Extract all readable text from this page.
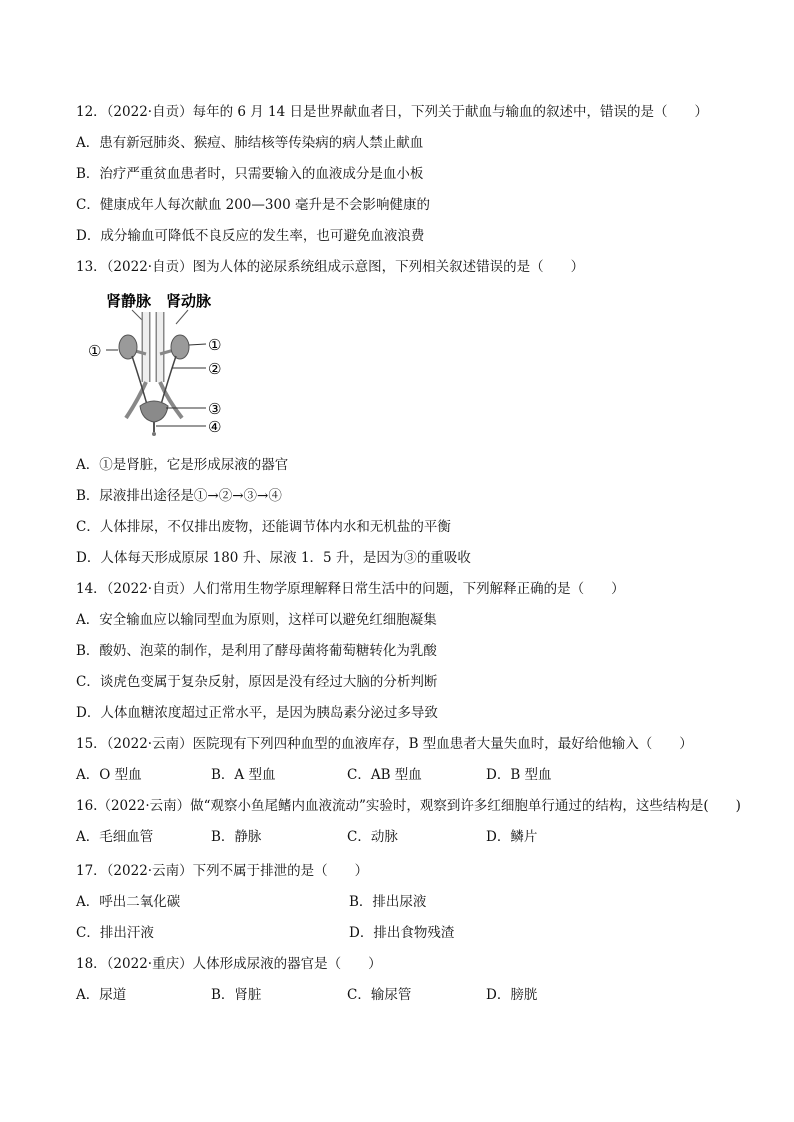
12．（2022·自贡）每年的 6 月 14 日是世界献血者日，下列关于献血与输血的叙述中，错误的是（　　）
A．患有新冠肺炎、猴痘、肺结核等传染病的病人禁止献血
B．治疗严重贫血患者时，只需要输入的血液成分是血小板
C．健康成年人每次献血 200—300 毫升是不会影响健康的
D．成分输血可降低不良反应的发生率，也可避免血液浪费
13．（2022·自贡）图为人体的泌尿系统组成示意图，下列相关叙述错误的是（　　）
肾静脉 肾动脉
①	①
②
③
④
A．①是肾脏，它是形成尿液的器官
B．尿液排出途径是①→②→③→④
C．人体排尿，不仅排出废物，还能调节体内水和无机盐的平衡
D．人体每天形成原尿 180 升、尿液 1．5 升，是因为③的重吸收
14．（2022·自贡）人们常用生物学原理解释日常生活中的问题，下列解释正确的是（　　）
A．安全输血应以输同型血为原则，这样可以避免红细胞凝集
B．酸奶、泡菜的制作，是利用了酵母菌将葡萄糖转化为乳酸
C．谈虎色变属于复杂反射，原因是没有经过大脑的分析判断
D．人体血糖浓度超过正常水平，是因为胰岛素分泌过多导致
15．（2022·云南）医院现有下列四种血型的血液库存，B 型血患者大量失血时，最好给他输入（　　）
A．O 型血	B．A 型血	C．AB 型血	D．B 型血
16.（2022·云南）做“观察小鱼尾鳍内血液流动”实验时，观察到许多红细胞单行通过的结构，这些结构是(　　)
A．毛细血管	B．静脉	C．动脉	D．鳞片
17．（2022·云南）下列不属于排泄的是（　　）
A．呼出二氧化碳	B．排出尿液
C．排出汗液	D．排出食物残渣
18．（2022·重庆）人体形成尿液的器官是（　　）
A．尿道	B．肾脏	C．输尿管	D．膀胱
